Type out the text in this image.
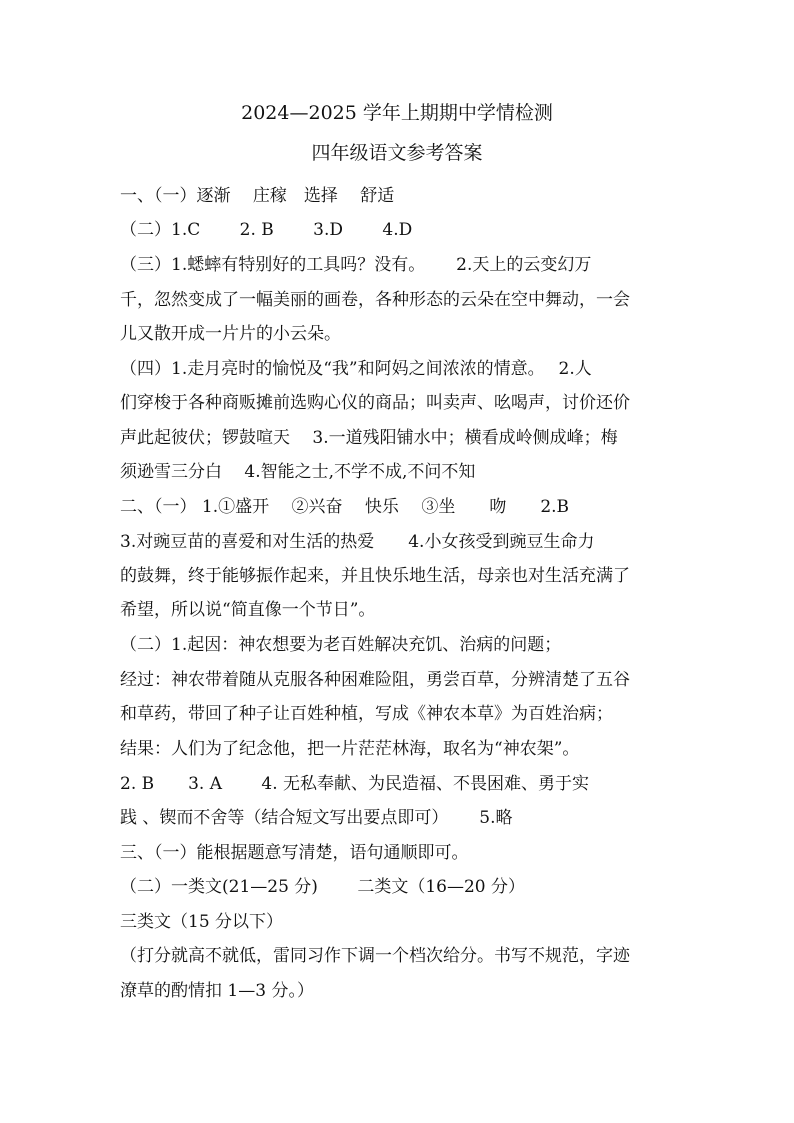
2024—2025 学年上期期中学情检测
四年级语文参考答案
一、（一）逐渐　 庄稼　选择　 舒适
（二）1.C　　 2. B　　 3.D　　 4.D
（三）1.蟋蟀有特别好的工具吗？没有。　　 2.天上的云变幻万
千，忽然变成了一幅美丽的画卷，各种形态的云朵在空中舞动，一会
儿又散开成一片片的小云朵。
（四）1.走月亮时的愉悦及“我”和阿妈之间浓浓的情意。　 2.人
们穿梭于各种商贩摊前选购心仪的商品；叫卖声、吆喝声，讨价还价
声此起彼伏；锣鼓喧天　 3.一道残阳铺水中；横看成岭侧成峰；梅
须逊雪三分白　 4.智能之士,不学不成,不问不知
二、（一） 1.①盛开　 ②兴奋　 快乐　 ③坐　　吻　　2.B
3.对豌豆苗的喜爱和对生活的热爱　　4.小女孩受到豌豆生命力
的鼓舞，终于能够振作起来，并且快乐地生活，母亲也对生活充满了
希望，所以说“简直像一个节日”。
（二）1.起因：神农想要为老百姓解决充饥、治病的问题；
经过：神农带着随从克服各种困难险阻，勇尝百草，分辨清楚了五谷
和草药，带回了种子让百姓种植，写成《神农本草》为百姓治病；
结果：人们为了纪念他，把一片茫茫林海，取名为“神农架”。
2. B　　3. A　　 4. 无私奉献、为民造福、不畏困难、勇于实
践 、锲而不舍等（结合短文写出要点即可）　　 5.略
三、（一）能根据题意写清楚，语句通顺即可。
（二）一类文(21—25 分)　　 二类文（16—20 分）
三类文（15 分以下）
（打分就高不就低，雷同习作下调一个档次给分。书写不规范，字迹
潦草的酌情扣 1—3 分。）
